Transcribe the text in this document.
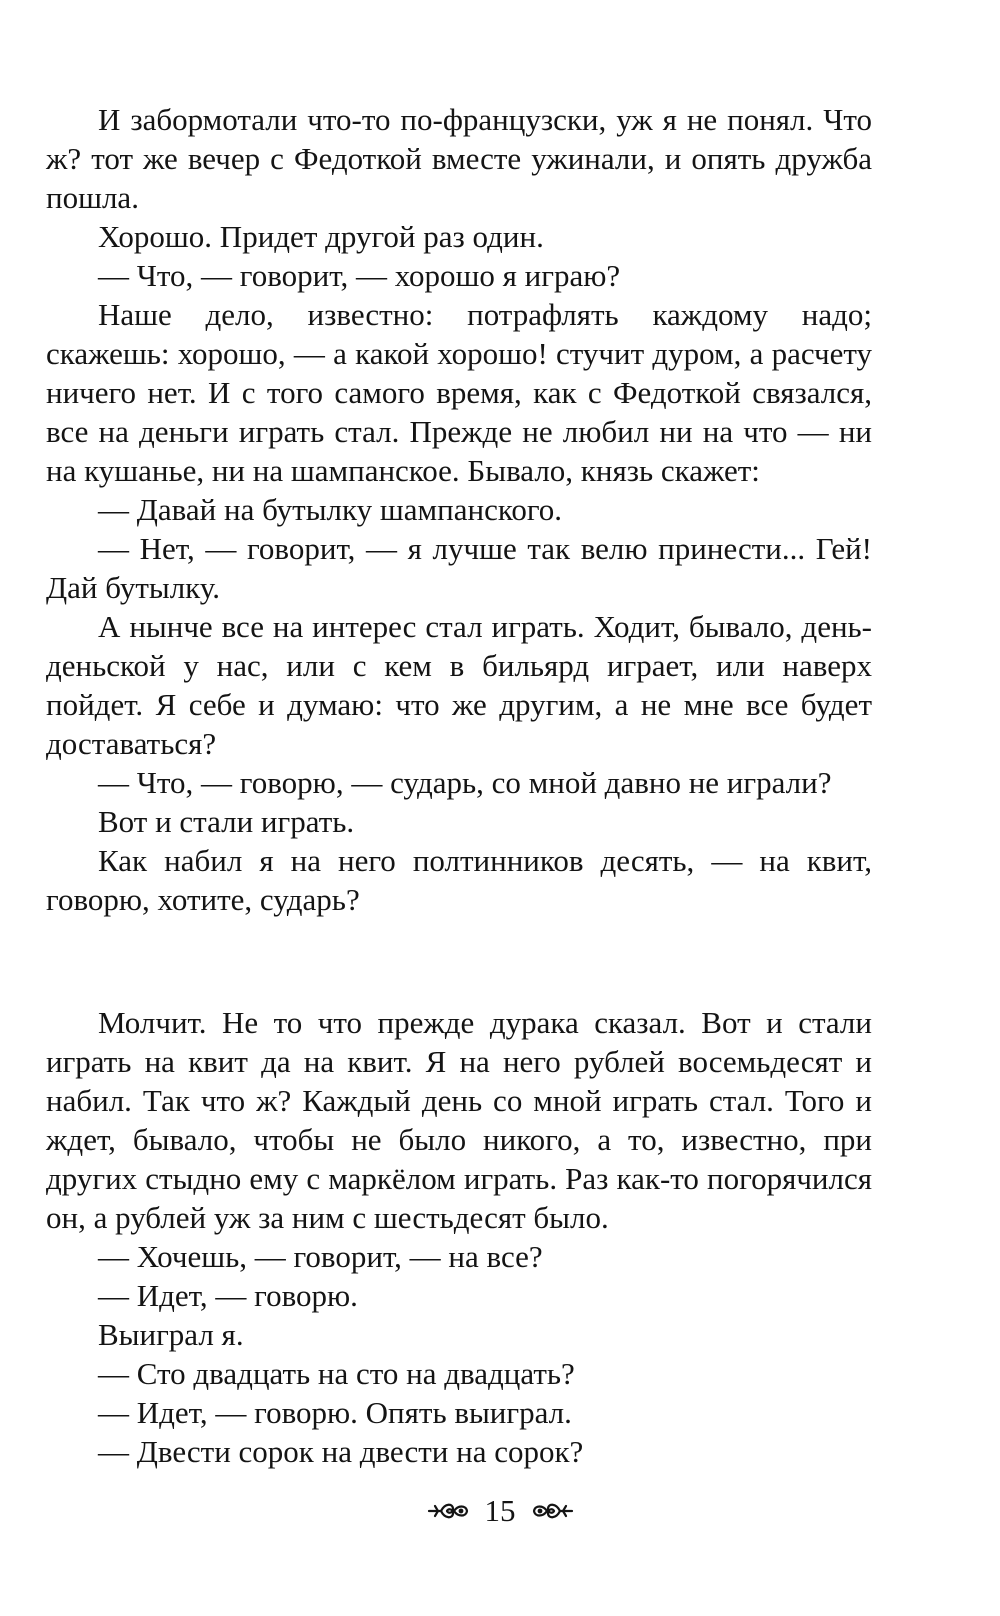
И забормотали что-то по-французски, уж я не понял. Что ж? тот же вечер с Федоткой вместе ужинали, и опять дружба пошла.

Хорошо. Придет другой раз один.

— Что, — говорит, — хорошо я играю?

Наше дело, известно: потрафлять каждому надо; скажешь: хорошо, — а какой хорошо! стучит дуром, а расчету ничего нет. И с того самого время, как с Федоткой связался, все на деньги играть стал. Прежде не любил ни на что — ни на кушанье, ни на шампанское. Бывало, князь скажет:

— Давай на бутылку шампанского.

— Нет, — говорит, — я лучше так велю принести... Гей! Дай бутылку.

А нынче все на интерес стал играть. Ходит, бывало, день-деньской у нас, или с кем в бильярд играет, или наверх пойдет. Я себе и думаю: что же другим, а не мне все будет доставаться?

— Что, — говорю, — сударь, со мной давно не играли?

Вот и стали играть.

Как набил я на него полтинников десять, — на квит, говорю, хотите, сударь?

Молчит. Не то что прежде дурака сказал. Вот и стали играть на квит да на квит. Я на него рублей восемьдесят и набил. Так что ж? Каждый день со мной играть стал. Того и ждет, бывало, чтобы не было никого, а то, известно, при других стыдно ему с маркёлом играть. Раз как-то погорячился он, а рублей уж за ним с шестьдесят было.

— Хочешь, — говорит, — на все?

— Идет, — говорю.

Выиграл я.

— Сто двадцать на сто на двадцать?

— Идет, — говорю. Опять выиграл.

— Двести сорок на двести на сорок?

15
